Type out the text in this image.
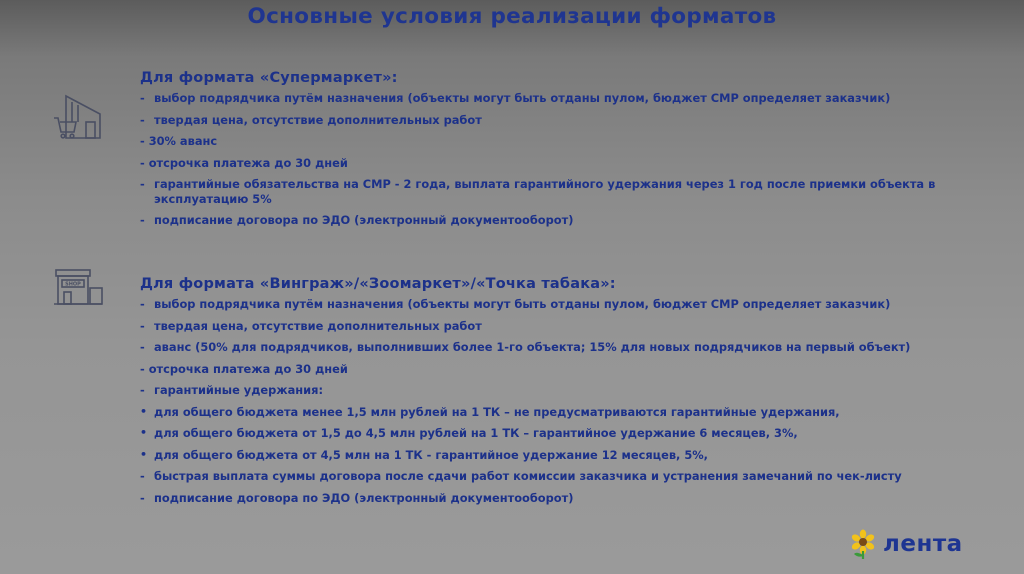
Основные условия реализации форматов
SHOP
Для формата «Супермаркет»:
- выбор подрядчика путём назначения (объекты могут быть отданы пулом, бюджет СМР определяет заказчик)
- твердая цена, отсутствие дополнительных работ
- 30% аванс
- отсрочка платежа до 30 дней
- гарантийные обязательства на СМР - 2 года, выплата гарантийного удержания через 1 год после приемки объекта в эксплуатацию 5%
- подписание договора по ЭДО (электронный документооборот)
Для формата «Винграж»/«Зоомаркет»/«Точка табака»:
- выбор подрядчика путём назначения (объекты могут быть отданы пулом, бюджет СМР определяет заказчик)
- твердая цена, отсутствие дополнительных работ
- аванс (50% для подрядчиков, выполнивших более 1-го объекта; 15% для новых подрядчиков на первый объект)
- отсрочка платежа до 30 дней
- гарантийные удержания:
• для общего бюджета менее 1,5 млн рублей на 1 ТК – не предусматриваются гарантийные удержания,
• для общего бюджета от 1,5 до 4,5 млн рублей на 1 ТК – гарантийное удержание 6 месяцев, 3%,
• для общего бюджета от 4,5 млн на 1 ТК - гарантийное удержание 12 месяцев, 5%,
- быстрая выплата суммы договора после сдачи работ комиссии заказчика и устранения замечаний по чек-листу
- подписание договора по ЭДО (электронный документооборот)
лента
